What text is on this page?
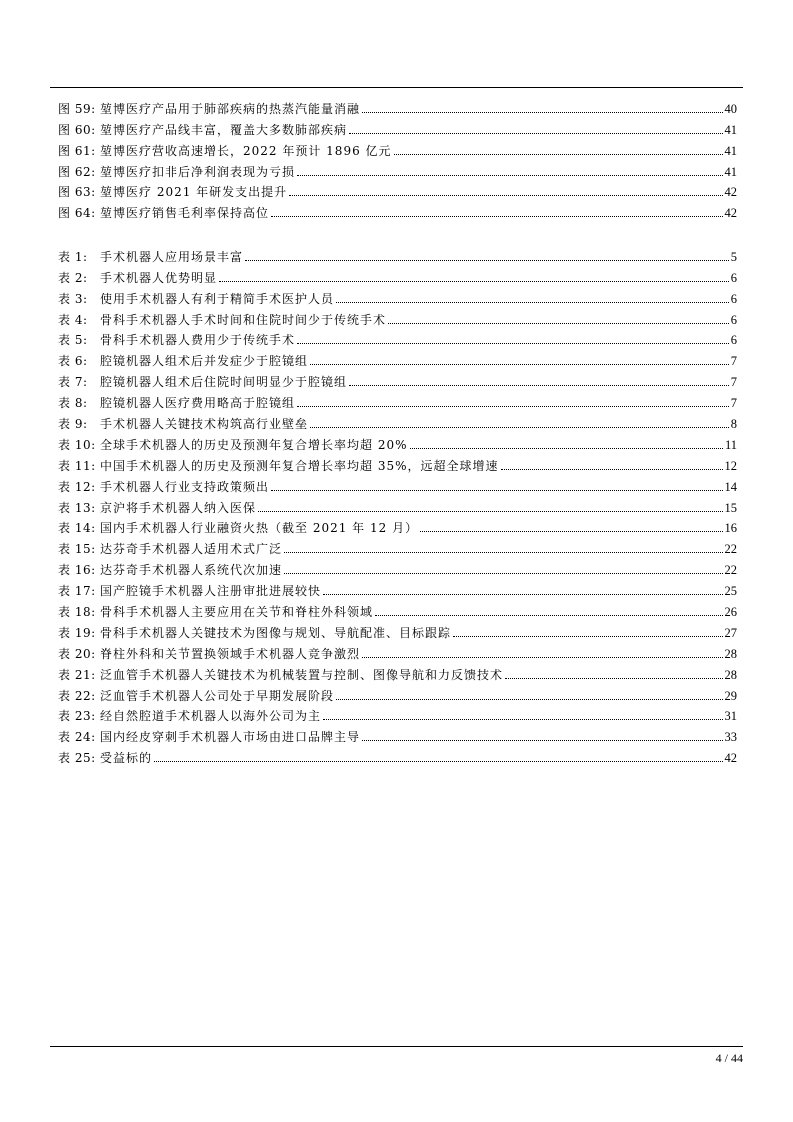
图 59: 堃博医疗产品用于肺部疾病的热蒸汽能量消融	40
图 60: 堃博医疗产品线丰富，覆盖大多数肺部疾病	41
图 61: 堃博医疗营收高速增长，2022 年预计 1896 亿元	41
图 62: 堃博医疗扣非后净利润表现为亏损	41
图 63: 堃博医疗 2021 年研发支出提升	42
图 64: 堃博医疗销售毛利率保持高位	42
表 1:	手术机器人应用场景丰富	5
表 2:	手术机器人优势明显	6
表 3:	使用手术机器人有利于精简手术医护人员	6
表 4:	骨科手术机器人手术时间和住院时间少于传统手术	6
表 5:	骨科手术机器人费用少于传统手术	6
表 6:	腔镜机器人组术后并发症少于腔镜组	7
表 7:	腔镜机器人组术后住院时间明显少于腔镜组	7
表 8:	腔镜机器人医疗费用略高于腔镜组	7
表 9:	手术机器人关键技术构筑高行业壁垒	8
表 10: 全球手术机器人的历史及预测年复合增长率均超 20%	11
表 11: 中国手术机器人的历史及预测年复合增长率均超 35%，远超全球增速	12
表 12: 手术机器人行业支持政策频出	14
表 13: 京沪将手术机器人纳入医保	15
表 14: 国内手术机器人行业融资火热（截至 2021 年 12 月）	16
表 15: 达芬奇手术机器人适用术式广泛	22
表 16: 达芬奇手术机器人系统代次加速	22
表 17: 国产腔镜手术机器人注册审批进展较快	25
表 18: 骨科手术机器人主要应用在关节和脊柱外科领域	26
表 19: 骨科手术机器人关键技术为图像与规划、导航配准、目标跟踪	27
表 20: 脊柱外科和关节置换领域手术机器人竞争激烈	28
表 21: 泛血管手术机器人关键技术为机械装置与控制、图像导航和力反馈技术	28
表 22: 泛血管手术机器人公司处于早期发展阶段	29
表 23: 经自然腔道手术机器人以海外公司为主	31
表 24: 国内经皮穿刺手术机器人市场由进口品牌主导	33
表 25: 受益标的	42
4 / 44
